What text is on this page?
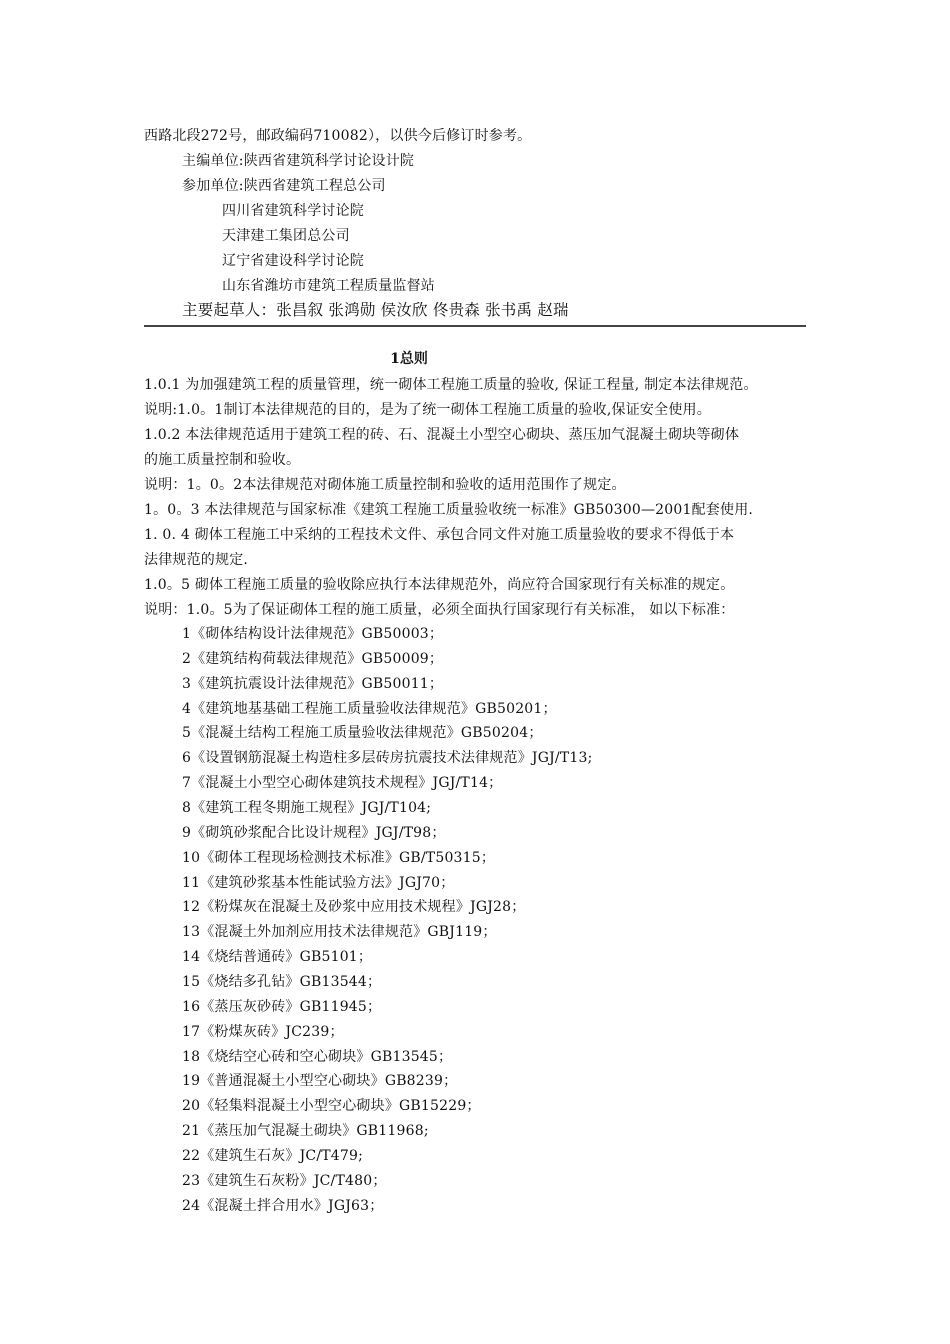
西路北段272号，邮政编码710082），以供今后修订时参考。
主编单位:陕西省建筑科学讨论设计院
参加单位:陕西省建筑工程总公司
四川省建筑科学讨论院
天津建工集团总公司
辽宁省建设科学讨论院
山东省潍坊市建筑工程质量监督站
主要起草人：张昌叙 张鸿勋 侯汝欣 佟贵森 张书禹 赵瑞
1总则
1.0.1 为加强建筑工程的质量管理，统一砌体工程施工质量的验收, 保证工程量, 制定本法律规范。
说明:1.0。1制订本法律规范的目的，是为了统一砌体工程施工质量的验收,保证安全使用。
1.0.2 本法律规范适用于建筑工程的砖、石、混凝土小型空心砌块、蒸压加气混凝土砌块等砌体
的施工质量控制和验收。
说明：1。0。2本法律规范对砌体施工质量控制和验收的适用范围作了规定。
1。0。3 本法律规范与国家标准《建筑工程施工质量验收统一标准》GB50300—2001配套使用.
1. 0. 4 砌体工程施工中采纳的工程技术文件、承包合同文件对施工质量验收的要求不得低于本
法律规范的规定.
1.0。5 砌体工程施工质量的验收除应执行本法律规范外，尚应符合国家现行有关标准的规定。
说明：1.0。5为了保证砌体工程的施工质量，必须全面执行国家现行有关标准， 如以下标准：
1《砌体结构设计法律规范》GB50003；
2《建筑结构荷载法律规范》GB50009；
3《建筑抗震设计法律规范》GB50011；
4《建筑地基基础工程施工质量验收法律规范》GB50201；
5《混凝土结构工程施工质量验收法律规范》GB50204；
6《设置钢筋混凝土构造柱多层砖房抗震技术法律规范》JGJ/T13;
7《混凝土小型空心砌体建筑技术规程》JGJ/T14；
8《建筑工程冬期施工规程》JGJ/T104;
9《砌筑砂浆配合比设计规程》JGJ/T98；
10《砌体工程现场检测技术标准》GB/T50315；
11《建筑砂浆基本性能试验方法》JGJ70；
12《粉煤灰在混凝土及砂浆中应用技术规程》JGJ28；
13《混凝土外加剂应用技术法律规范》GBJ119；
14《烧结普通砖》GB5101；
15《烧结多孔钻》GB13544；
16《蒸压灰砂砖》GB11945；
17《粉煤灰砖》JC239；
18《烧结空心砖和空心砌块》GB13545；
19《普通混凝土小型空心砌块》GB8239；
20《轻集料混凝土小型空心砌块》GB15229；
21《蒸压加气混凝土砌块》GB11968;
22《建筑生石灰》JC/T479;
23《建筑生石灰粉》JC/T480；
24《混凝土拌合用水》JGJ63；
